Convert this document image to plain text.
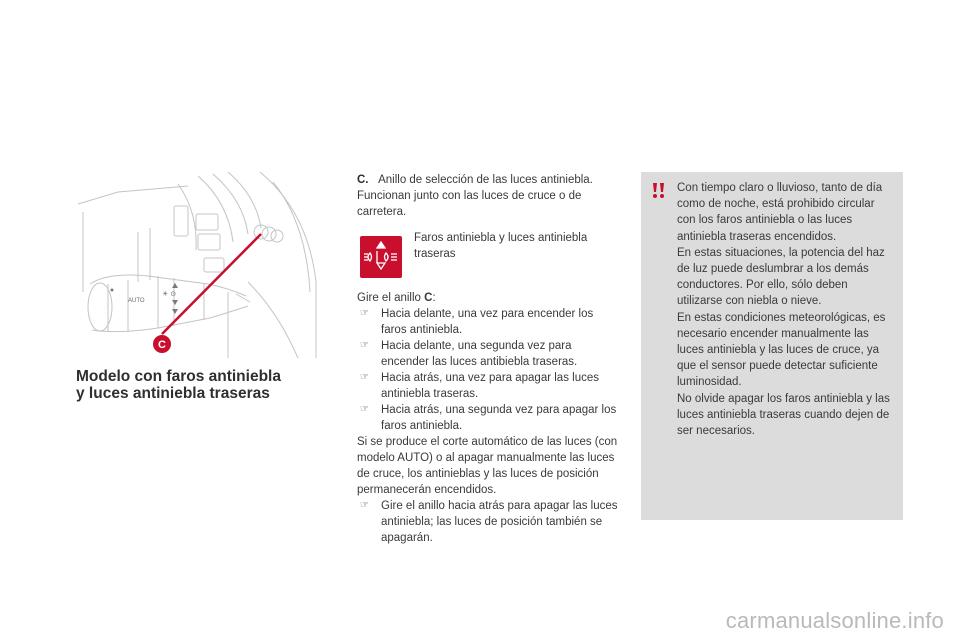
AUTO
☀ ⊙
C
Modelo con faros antiniebla
y luces antiniebla traseras

C. Anillo de selección de las luces antiniebla. Funcionan junto con las luces de cruce o de carretera.

Faros antiniebla y luces antiniebla traseras

Gire el anillo C:

☞ Hacia delante, una vez para encender los faros antiniebla.
☞ Hacia delante, una segunda vez para encender las luces antibiebla traseras.
☞ Hacia atrás, una vez para apagar las luces antiniebla traseras.
☞ Hacia atrás, una segunda vez para apagar los faros antiniebla.

Si se produce el corte automático de las luces (con modelo AUTO) o al apagar manualmente las luces de cruce, los antinieblas y las luces de posición permanecerán encendidos.

☞ Gire el anillo hacia atrás para apagar las luces antiniebla; las luces de posición también se apagarán.

Con tiempo claro o lluvioso, tanto de día como de noche, está prohibido circular con los faros antiniebla o las luces antiniebla traseras encendidos.

En estas situaciones, la potencia del haz de luz puede deslumbrar a los demás conductores. Por ello, sólo deben utilizarse con niebla o nieve.

En estas condiciones meteorológicas, es necesario encender manualmente las luces antiniebla y las luces de cruce, ya que el sensor puede detectar suficiente luminosidad.

No olvide apagar los faros antiniebla y las luces antiniebla traseras cuando dejen de ser necesarios.

carmanualsonline.info
